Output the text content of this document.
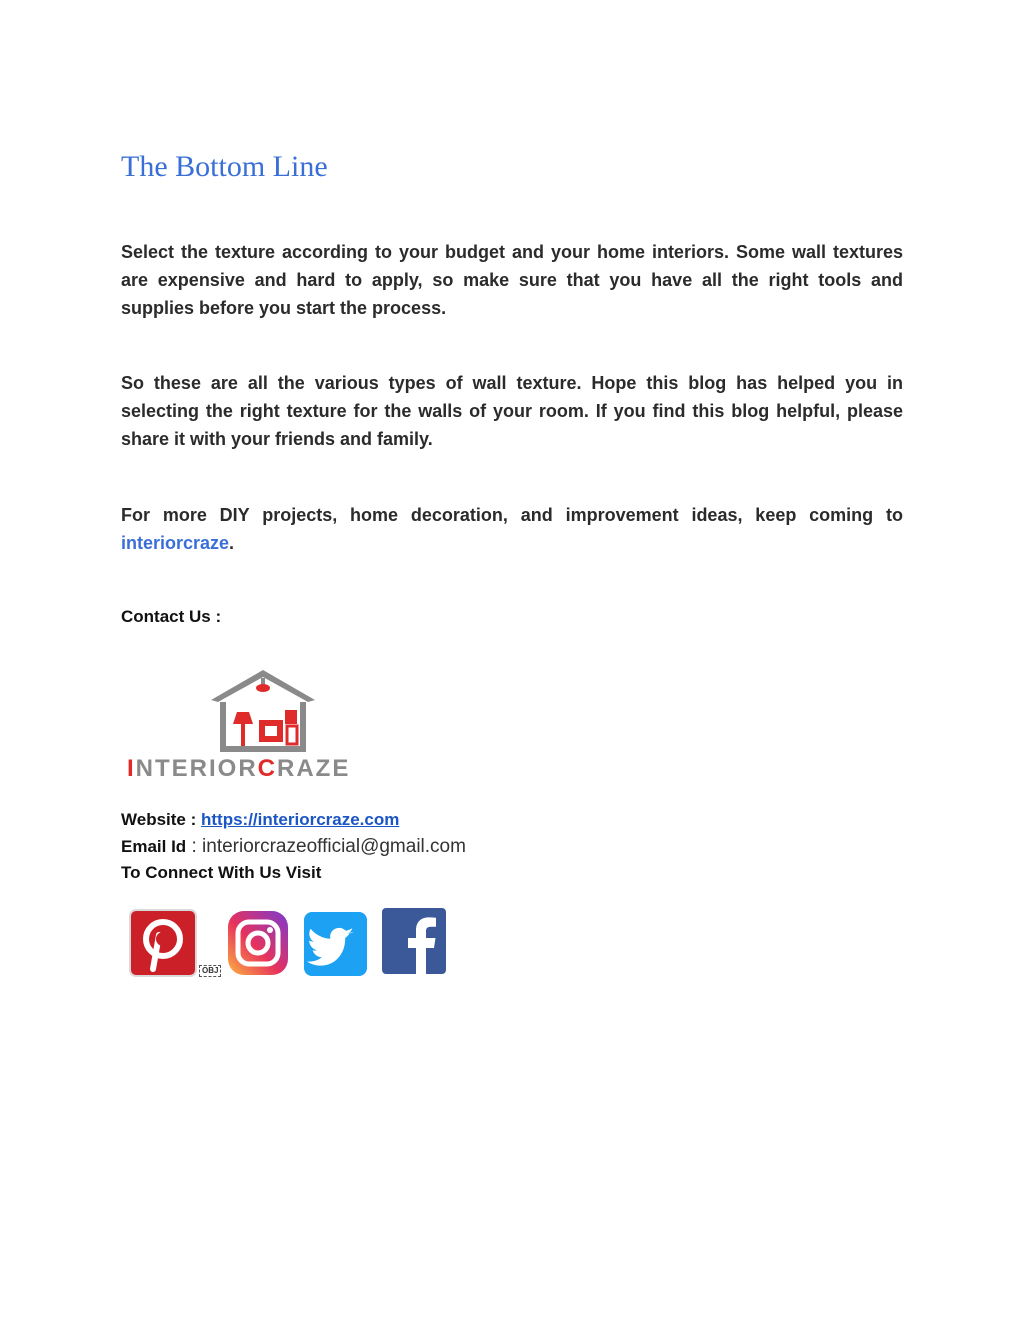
The Bottom Line

Select the texture according to your budget and your home interiors. Some wall textures are expensive and hard to apply, so make sure that you have all the right tools and supplies before you start the process.

So these are all the various types of wall texture. Hope this blog has helped you in selecting the right texture for the walls of your room. If you find this blog helpful, please share it with your friends and family.

For more DIY projects, home decoration, and improvement ideas, keep coming to interiorcraze.

Contact Us :
INTERIORCRAZE
Website : https://interiorcraze.com
Email Id : interiorcrazeofficial@gmail.com
To Connect With Us Visit
OBJ
